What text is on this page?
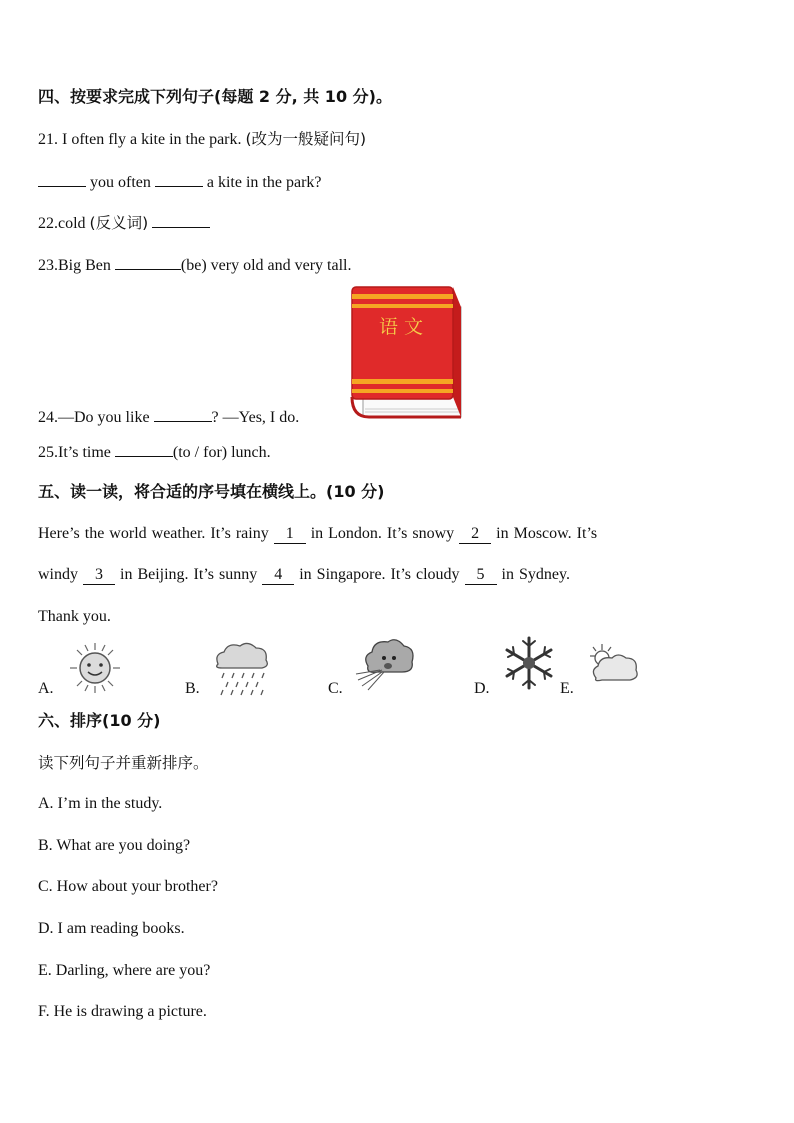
四、按要求完成下列句子(每题 2 分, 共 10 分)。
21. I often fly a kite in the park. (改为一般疑问句)
you often	a kite in the park?
22.cold (反义词)
23.Big Ben	(be) very old and very tall.
语 文
24.—Do you like	? —Yes, I do.
25.It’s time	(to / for) lunch.
五、读一读，将合适的序号填在横线上。(10 分)
Here’s the world weather. It’s rainy 1 in London. It’s snowy 2 in Moscow. It’s
windy 3 in Beijing. It’s sunny 4 in Singapore. It’s cloudy 5 in Sydney.
Thank you.
A.	B.	C.	D.	E.
六、排序(10 分)
读下列句子并重新排序。
A. I’m in the study.
B. What are you doing?
C. How about your brother?
D. I am reading books.
E. Darling, where are you?
F. He is drawing a picture.
